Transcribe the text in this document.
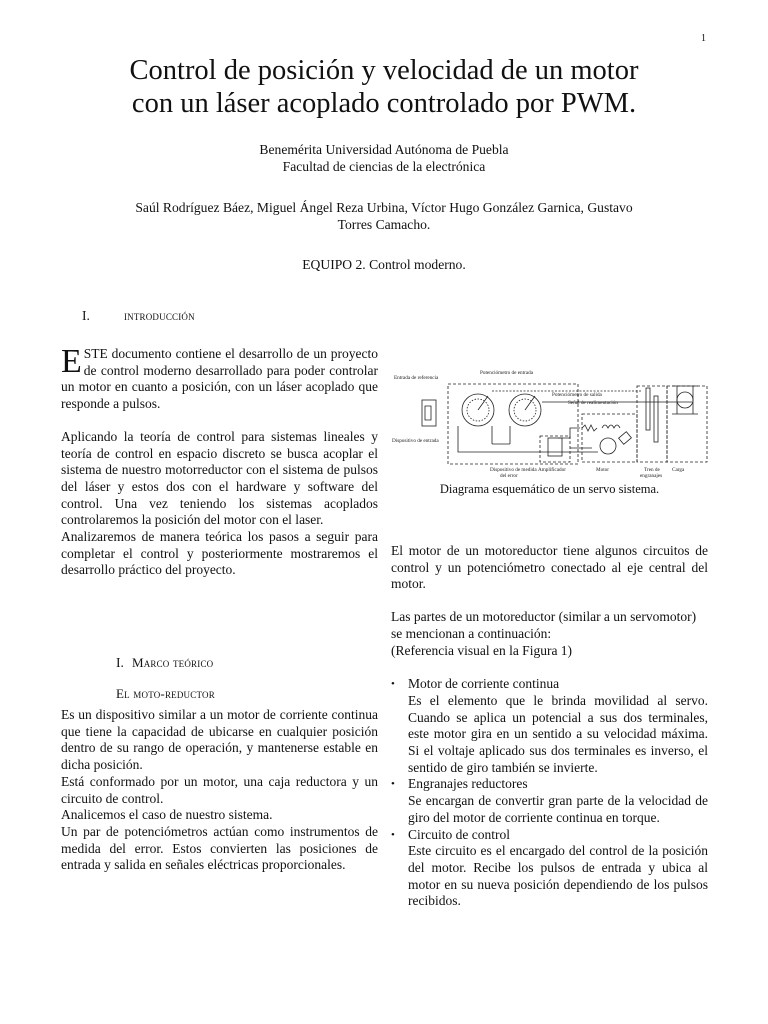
1
Control de posición y velocidad de un motor
con un láser acoplado controlado por PWM.
Benemérita Universidad Autónoma de Puebla
Facultad de ciencias de la electrónica
Saúl Rodríguez Báez, Miguel Ángel Reza Urbina, Víctor Hugo González Garnica, Gustavo
Torres Camacho.
EQUIPO 2. Control moderno.
I.	introducción

ESTE documento contiene el desarrollo de un proyecto de control moderno desarrollado para poder controlar un motor en cuanto a posición, con un láser acoplado que responde a pulsos.

Aplicando la teoría de control para sistemas lineales y teoría de control en espacio discreto se busca acoplar el sistema de nuestro motorreductor con el sistema de pulsos del láser y estos dos con el hardware y software del control. Una vez teniendo los sistemas acoplados controlaremos la posición del motor con el laser.

Analizaremos de manera teórica los pasos a seguir para completar el control y posteriormente mostraremos el desarrollo práctico del proyecto.

I. Marco teórico
El moto-reductor

Es un dispositivo similar a un motor de corriente continua que tiene la capacidad de ubicarse en cualquier posición dentro de su rango de operación, y mantenerse estable en dicha posición.

Está conformado por un motor, una caja reductora y un circuito de control.

Analicemos el caso de nuestro sistema.

Un par de potenciómetros actúan como instrumentos de medida del error. Estos convierten las posiciones de entrada y salida en señales eléctricas proporcionales.

Entrada de referencia
Potenciómetro de entrada
Potenciómetro de salida
Señal de realimentación
Dispositivo de entrada
Dispositivo de medida
del error
Amplificador	Motor	Tren de
engranajes
Carga
Diagrama esquemático de un servo sistema.

El motor de un motoreductor tiene algunos circuitos de control y un potenciómetro conectado al eje central del motor.

Las partes de un motoreductor (similar a un servomotor) se mencionan a continuación:

(Referencia visual en la Figura 1)

• Motor de corriente continua
Es el elemento que le brinda movilidad al servo. Cuando se aplica un potencial a sus dos terminales, este motor gira en un sentido a su velocidad máxima. Si el voltaje aplicado sus dos terminales es inverso, el sentido de giro también se invierte.
• Engranajes reductores
Se encargan de convertir gran parte de la velocidad de giro del motor de corriente continua en torque.
• Circuito de control
Este circuito es el encargado del control de la posición del motor. Recibe los pulsos de entrada y ubica al motor en su nueva posición dependiendo de los pulsos recibidos.
